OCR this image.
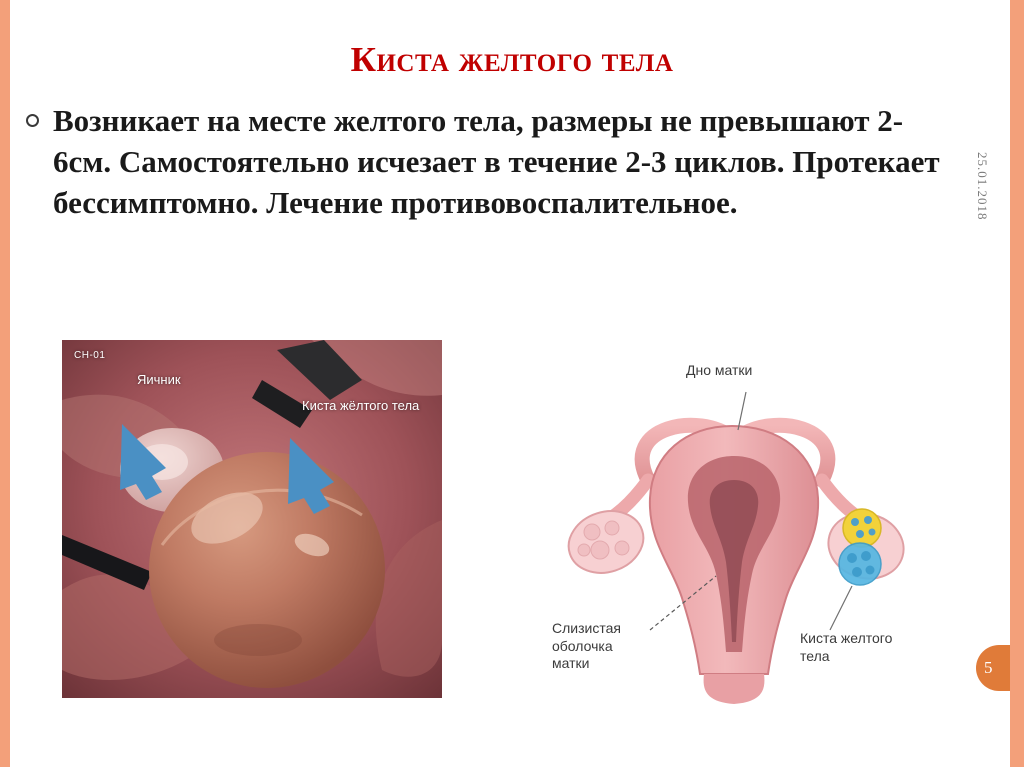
Киста желтого тела
Возникает на месте желтого тела, размеры не превышают 2-6см. Самостоятельно исчезает в течение 2-3 циклов. Протекает бессимптомно. Лечение противовоспалительное.	25.01.2018
5
CH-01
Яичник
Киста жёлтого тела
Дно матки
Слизистая
оболочка
матки
Киста желтого
тела
